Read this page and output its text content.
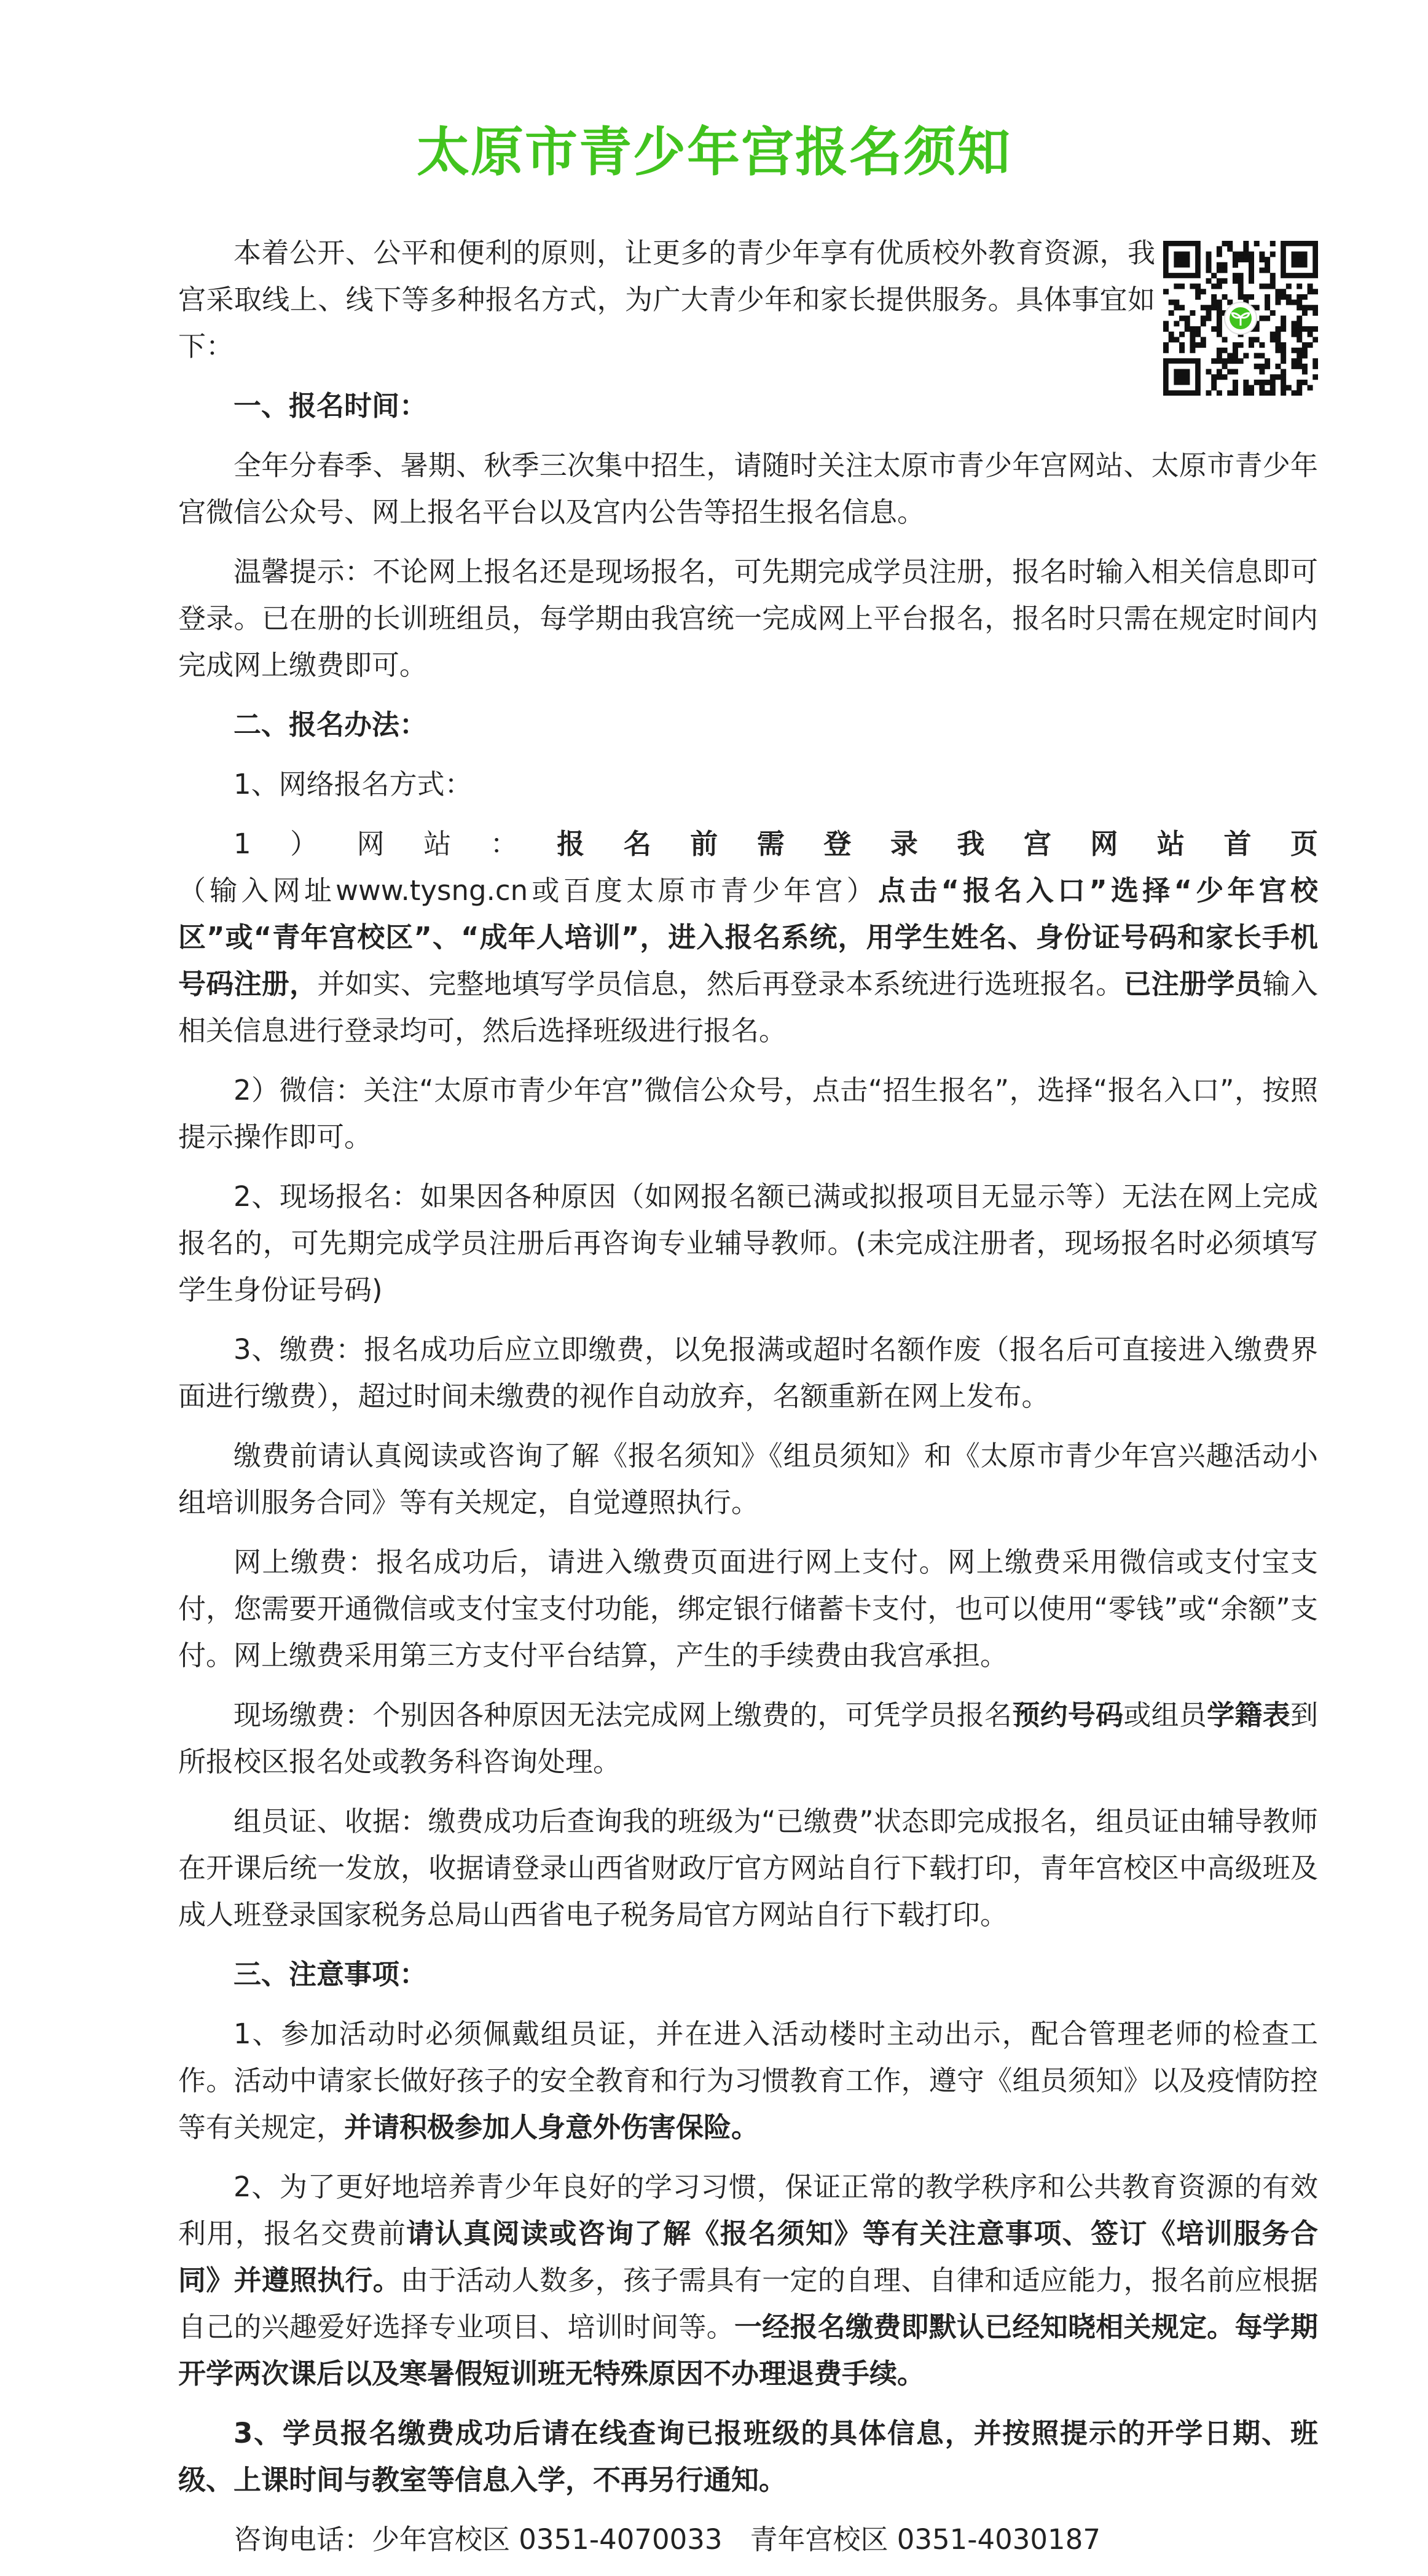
太原市青少年宫报名须知

本着公开、公平和便利的原则，让更多的青少年享有优质校外教育资源，我宫采取线上、线下等多种报名方式，为广大青少年和家长提供服务。具体事宜如下：

一、报名时间：

全年分春季、暑期、秋季三次集中招生，请随时关注太原市青少年宫网站、太原市青少年宫微信公众号、网上报名平台以及宫内公告等招生报名信息。

温馨提示：不论网上报名还是现场报名，可先期完成学员注册，报名时输入相关信息即可登录。已在册的长训班组员，每学期由我宫统一完成网上平台报名，报名时只需在规定时间内完成网上缴费即可。

二、报名办法：

1、网络报名方式：

1）网站：报名前需登录我宫网站首页（输入网址www.tysng.cn或百度太原市青少年宫）点击“报名入口”选择“少年宫校区”或“青年宫校区”、“成年人培训”，进入报名系统，用学生姓名、身份证号码和家长手机号码注册，并如实、完整地填写学员信息，然后再登录本系统进行选班报名。已注册学员输入相关信息进行登录均可，然后选择班级进行报名。

2）微信：关注“太原市青少年宫”微信公众号，点击“招生报名”，选择“报名入口”，按照提示操作即可。

2、现场报名：如果因各种原因（如网报名额已满或拟报项目无显示等）无法在网上完成报名的，可先期完成学员注册后再咨询专业辅导教师。(未完成注册者，现场报名时必须填写学生身份证号码)

3、缴费：报名成功后应立即缴费，以免报满或超时名额作废（报名后可直接进入缴费界面进行缴费），超过时间未缴费的视作自动放弃，名额重新在网上发布。

缴费前请认真阅读或咨询了解《报名须知》《组员须知》和《太原市青少年宫兴趣活动小组培训服务合同》等有关规定，自觉遵照执行。

网上缴费：报名成功后，请进入缴费页面进行网上支付。网上缴费采用微信或支付宝支付，您需要开通微信或支付宝支付功能，绑定银行储蓄卡支付，也可以使用“零钱”或“余额”支付。网上缴费采用第三方支付平台结算，产生的手续费由我宫承担。

现场缴费：个别因各种原因无法完成网上缴费的，可凭学员报名预约号码或组员学籍表到所报校区报名处或教务科咨询处理。

组员证、收据：缴费成功后查询我的班级为“已缴费”状态即完成报名，组员证由辅导教师在开课后统一发放，收据请登录山西省财政厅官方网站自行下载打印，青年宫校区中高级班及成人班登录国家税务总局山西省电子税务局官方网站自行下载打印。

三、注意事项：

1、参加活动时必须佩戴组员证，并在进入活动楼时主动出示，配合管理老师的检查工作。活动中请家长做好孩子的安全教育和行为习惯教育工作，遵守《组员须知》以及疫情防控等有关规定，并请积极参加人身意外伤害保险。

2、为了更好地培养青少年良好的学习习惯，保证正常的教学秩序和公共教育资源的有效利用，报名交费前请认真阅读或咨询了解《报名须知》等有关注意事项、签订《培训服务合同》并遵照执行。由于活动人数多，孩子需具有一定的自理、自律和适应能力，报名前应根据自己的兴趣爱好选择专业项目、培训时间等。一经报名缴费即默认已经知晓相关规定。每学期开学两次课后以及寒暑假短训班无特殊原因不办理退费手续。

3、学员报名缴费成功后请在线查询已报班级的具体信息，并按照提示的开学日期、班级、上课时间与教室等信息入学，不再另行通知。

咨询电话：少年宫校区 0351-4070033　青年宫校区 0351-4030187
